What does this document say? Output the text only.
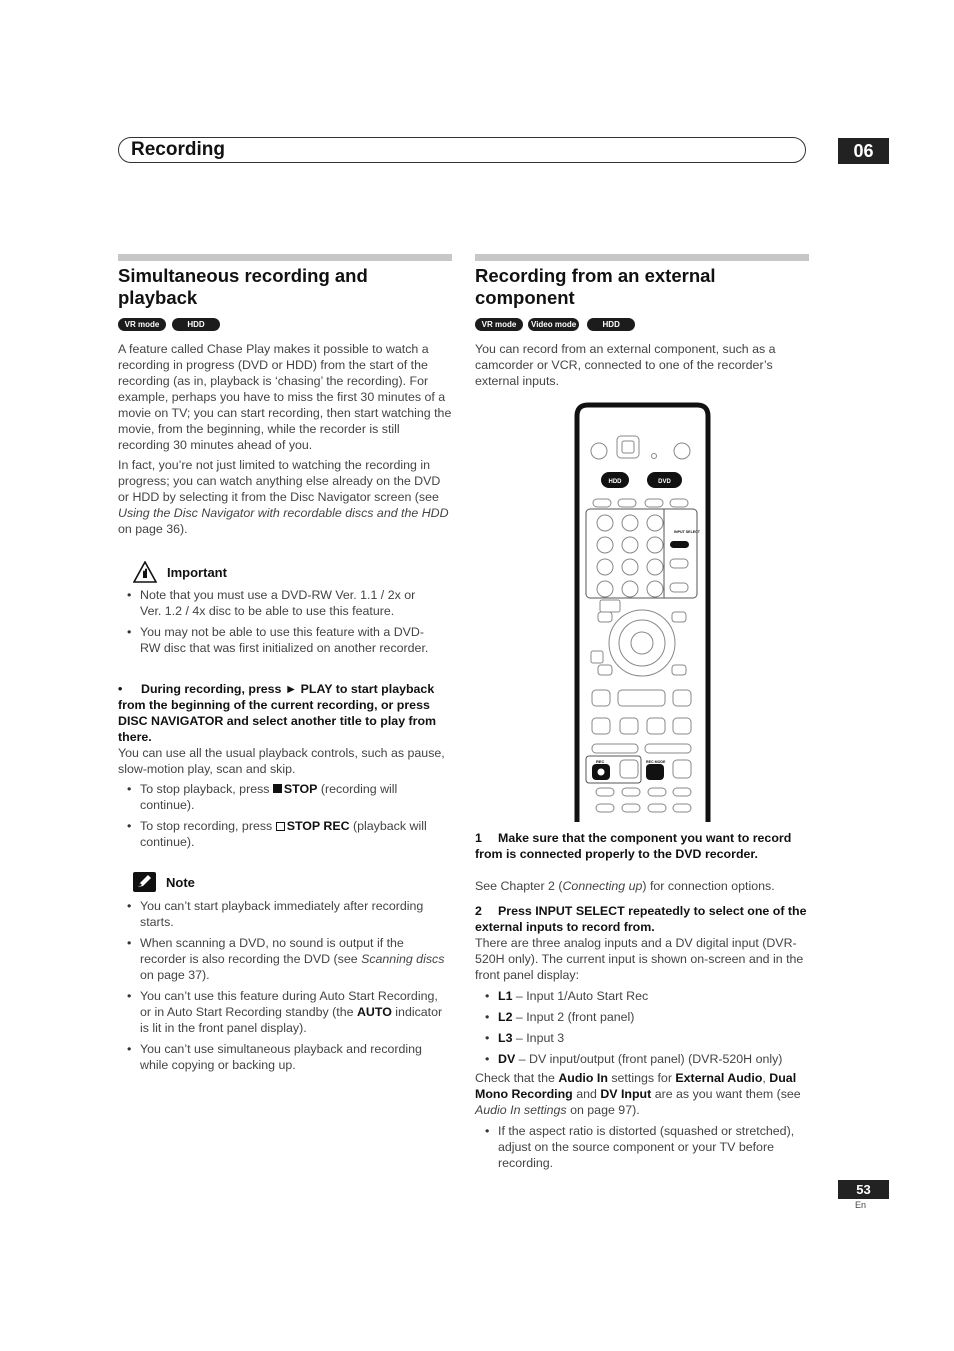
Recording	06
Simultaneous recording and
playback
VR mode	HDD

A feature called Chase Play makes it possible to watch a recording in progress (DVD or HDD) from the start of the recording (as in, playback is ‘chasing’ the recording). For example, perhaps you have to miss the first 30 minutes of a movie on TV; you can start recording, then start watching the movie, from the beginning, while the recorder is still recording 30 minutes ahead of you.

In fact, you’re not just limited to watching the recording in progress; you can watch anything else already on the DVD or HDD by selecting it from the Disc Navigator screen (see Using the Disc Navigator with recordable discs and the HDD on page 36).

Important
• Note that you must use a DVD-RW Ver. 1.1 / 2x or Ver. 1.2 / 4x disc to be able to use this feature.
• You may not be able to use this feature with a DVD-RW disc that was first initialized on another recorder.
• During recording, press ► PLAY to start playback from the beginning of the current recording, or press DISC NAVIGATOR and select another title to play from there.
You can use all the usual playback controls, such as pause, slow-motion play, scan and skip.
• To stop playback, press STOP (recording will continue).
• To stop recording, press STOP REC (playback will continue).
Note
• You can’t start playback immediately after recording starts.
• When scanning a DVD, no sound is output if the recorder is also recording the DVD (see Scanning discs on page 37).
• You can’t use this feature during Auto Start Recording, or in Auto Start Recording standby (the AUTO indicator is lit in the front panel display).
• You can’t use simultaneous playback and recording while copying or backing up.
Recording from an external
component
VR mode	Video mode	HDD
You can record from an external component, such as a camcorder or VCR, connected to one of the recorder’s external inputs.
HDD	DVD
INPUT SELECT
REC	REC MODE
1 Make sure that the component you want to record from is connected properly to the DVD recorder.
See Chapter 2 (Connecting up) for connection options.
2 Press INPUT SELECT repeatedly to select one of the external inputs to record from.
There are three analog inputs and a DV digital input (DVR-520H only). The current input is shown on-screen and in the front panel display:
• L1 – Input 1/Auto Start Rec
• L2 – Input 2 (front panel)
• L3 – Input 3
• DV – DV input/output (front panel) (DVR-520H only)
Check that the Audio In settings for External Audio, Dual Mono Recording and DV Input are as you want them (see Audio In settings on page 97).
• If the aspect ratio is distorted (squashed or stretched), adjust on the source component or your TV before recording.
53
En
